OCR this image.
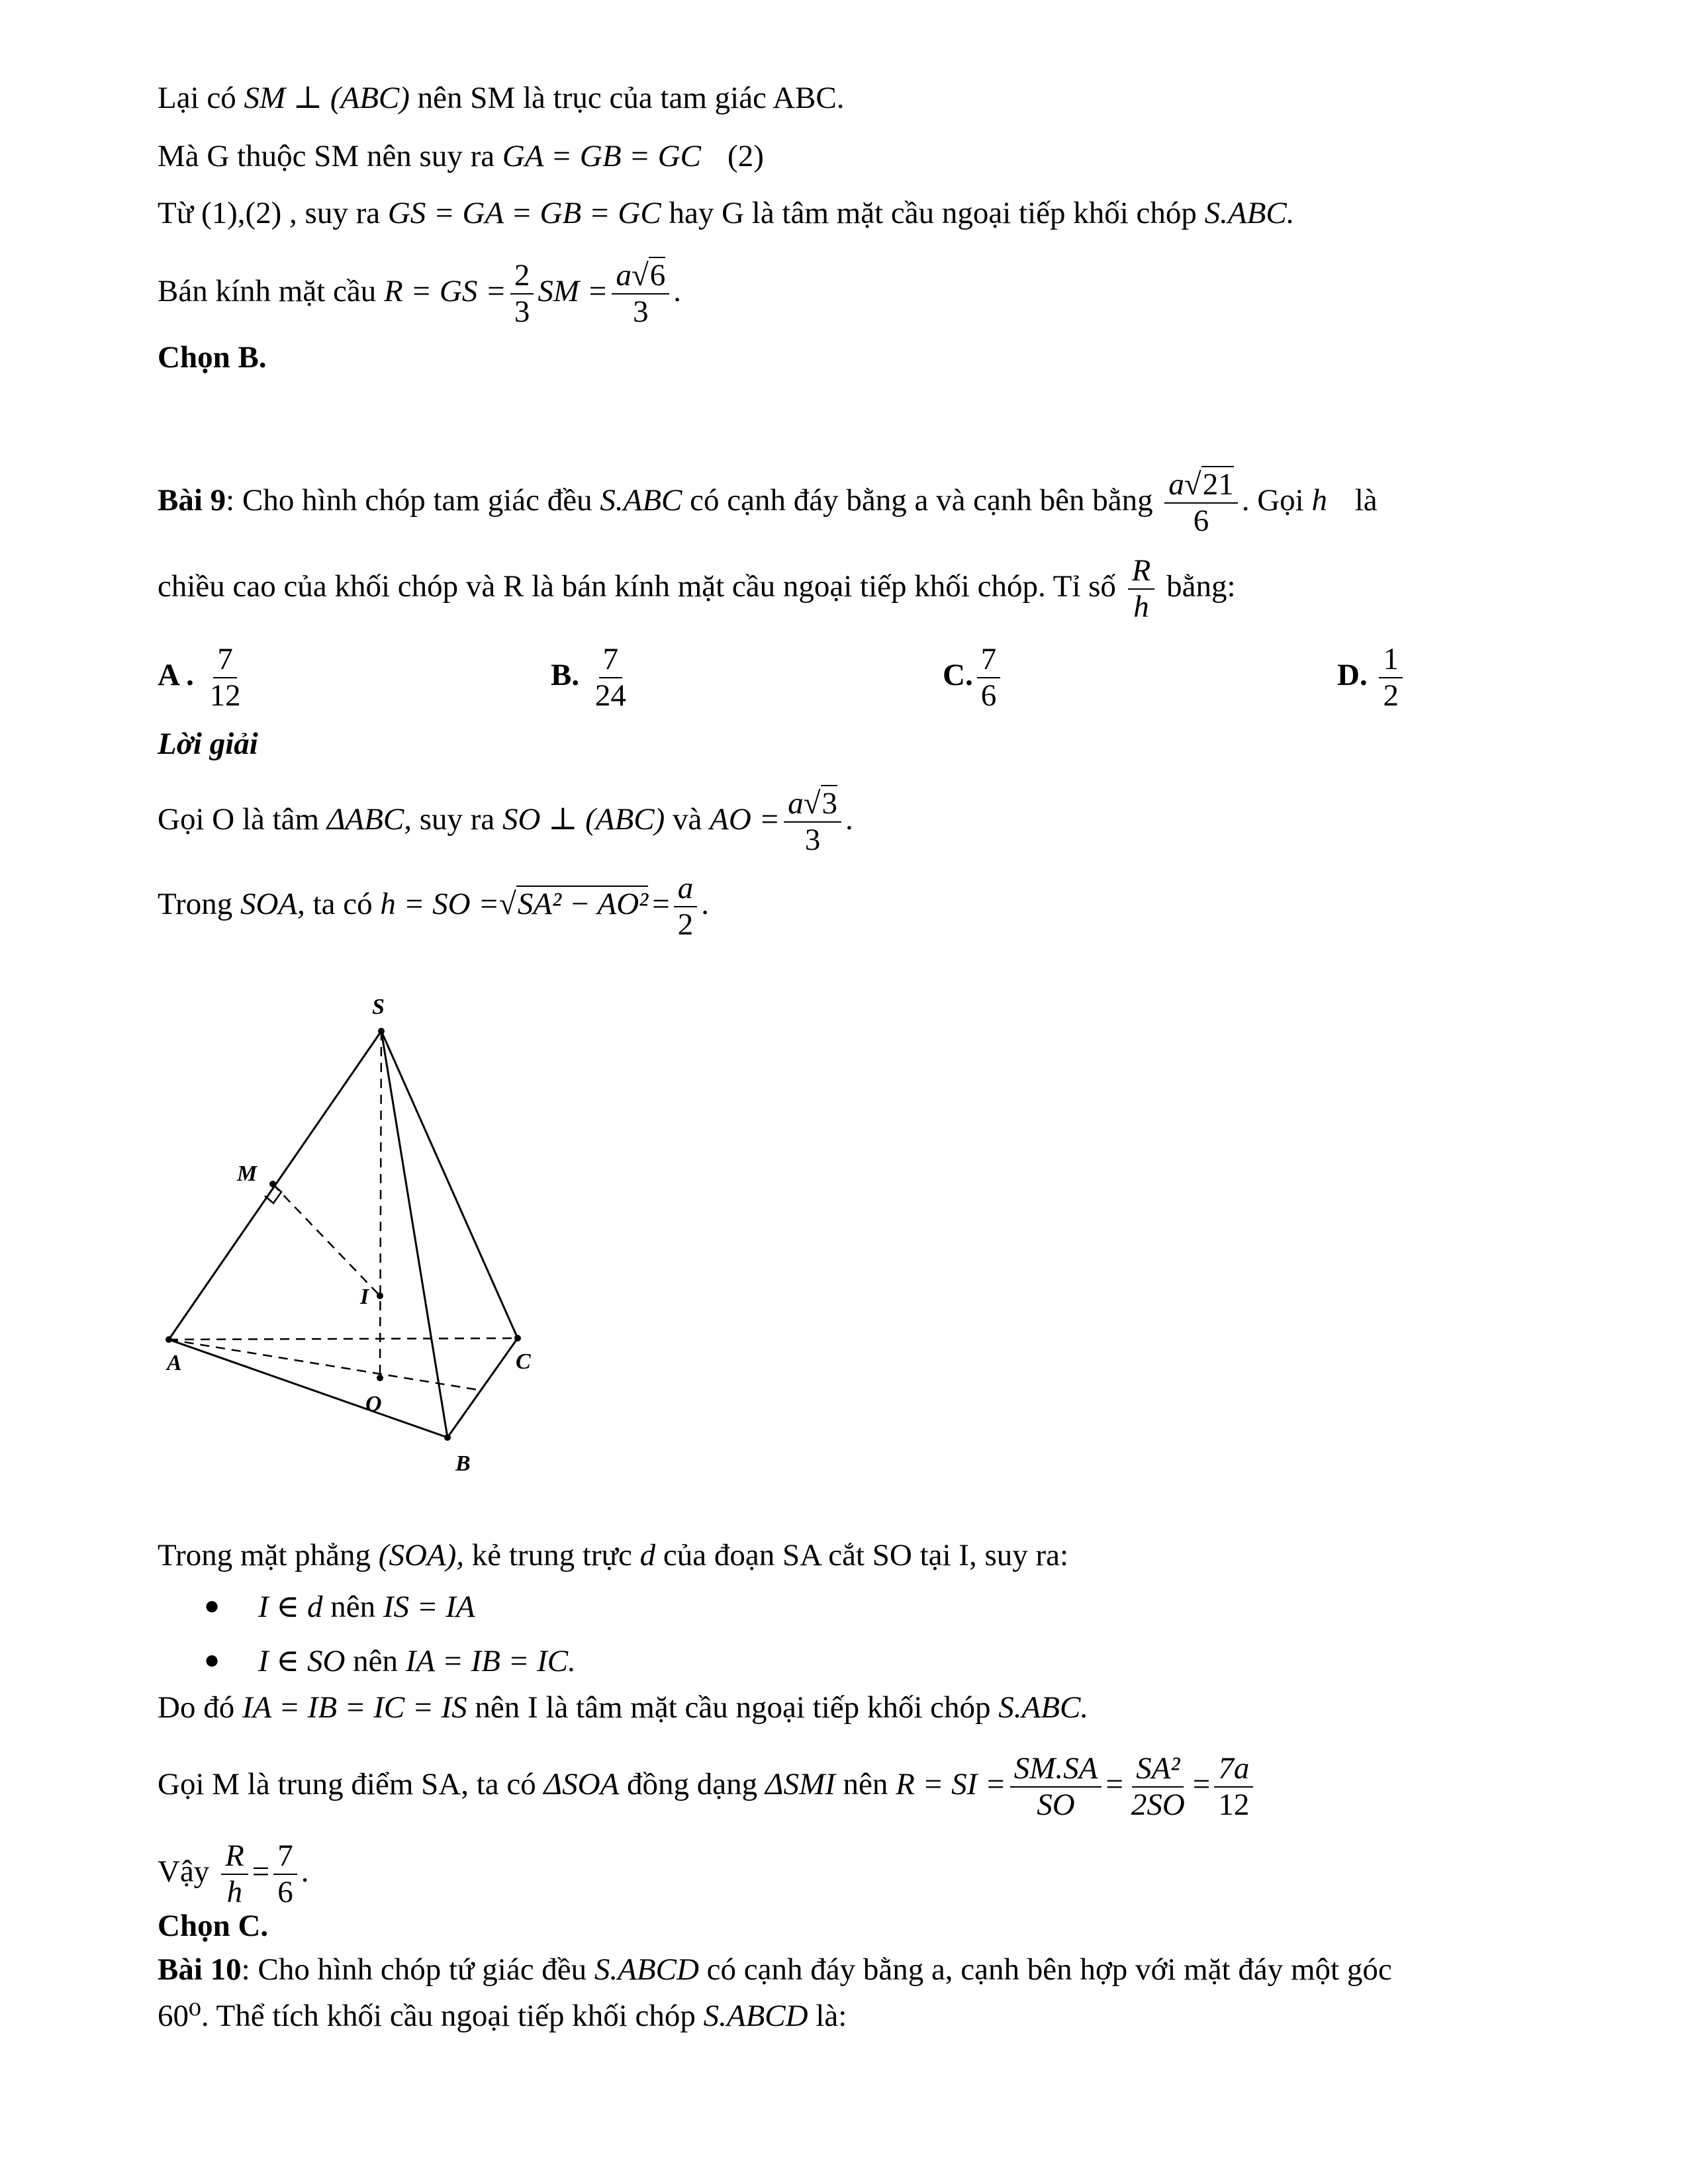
Lại có SM ⊥ (ABC) nên SM là trục của tam giác ABC.
Mà G thuộc SM nên suy ra GA = GB = GC (2)
Từ (1),(2) , suy ra GS = GA = GB = GC hay G là tâm mặt cầu ngoại tiếp khối chóp S.ABC.
Bán kính mặt cầu R = GS = $\frac{2}{3}$ SM = $\frac{a√6}{3}$ .
Chọn B.
Bài 9: Cho hình chóp tam giác đều S.ABC có cạnh đáy bằng a và cạnh bên bằng $\frac{a√21}{6}$ . Gọi h là
chiều cao của khối chóp và R là bán kính mặt cầu ngoại tiếp khối chóp. Tỉ số $\frac{R}{h}$ bằng:
A . $\frac{7}{12}$	B. $\frac{7}{24}$	C. $\frac{7}{6}$	D. $\frac{1}{2}$
Lời giải
Gọi O là tâm ΔABC, suy ra SO ⊥ (ABC) và AO = $\frac{a√3}{3}$ .
Trong SOA, ta có h = SO $=√SA^2 - AO^2 = \frac{a}{2}$ .
S
M
I
A
O
C
B
Trong mặt phẳng (SOA), kẻ trung trực d của đoạn SA cắt SO tại I, suy ra:
● I ∈ d nên IS = IA
● I ∈ SO nên IA = IB = IC.
Do đó IA = IB = IC = IS nên I là tâm mặt cầu ngoại tiếp khối chóp S.ABC.
Gọi M là trung điểm SA, ta có ΔSOA đồng dạng ΔSMI nên R = SI = $\frac{SM.SA}{SO} = \frac{\text{SA²}}{2SO} = \frac{7a}{12}$
Vậy $\frac{R}{h} = \frac{7}{6}$ .
Chọn C.
Bài 10: Cho hình chóp tứ giác đều S.ABCD có cạnh đáy bằng a, cạnh bên hợp với mặt đáy một góc
60⁰. Thể tích khối cầu ngoại tiếp khối chóp S.ABCD là:
